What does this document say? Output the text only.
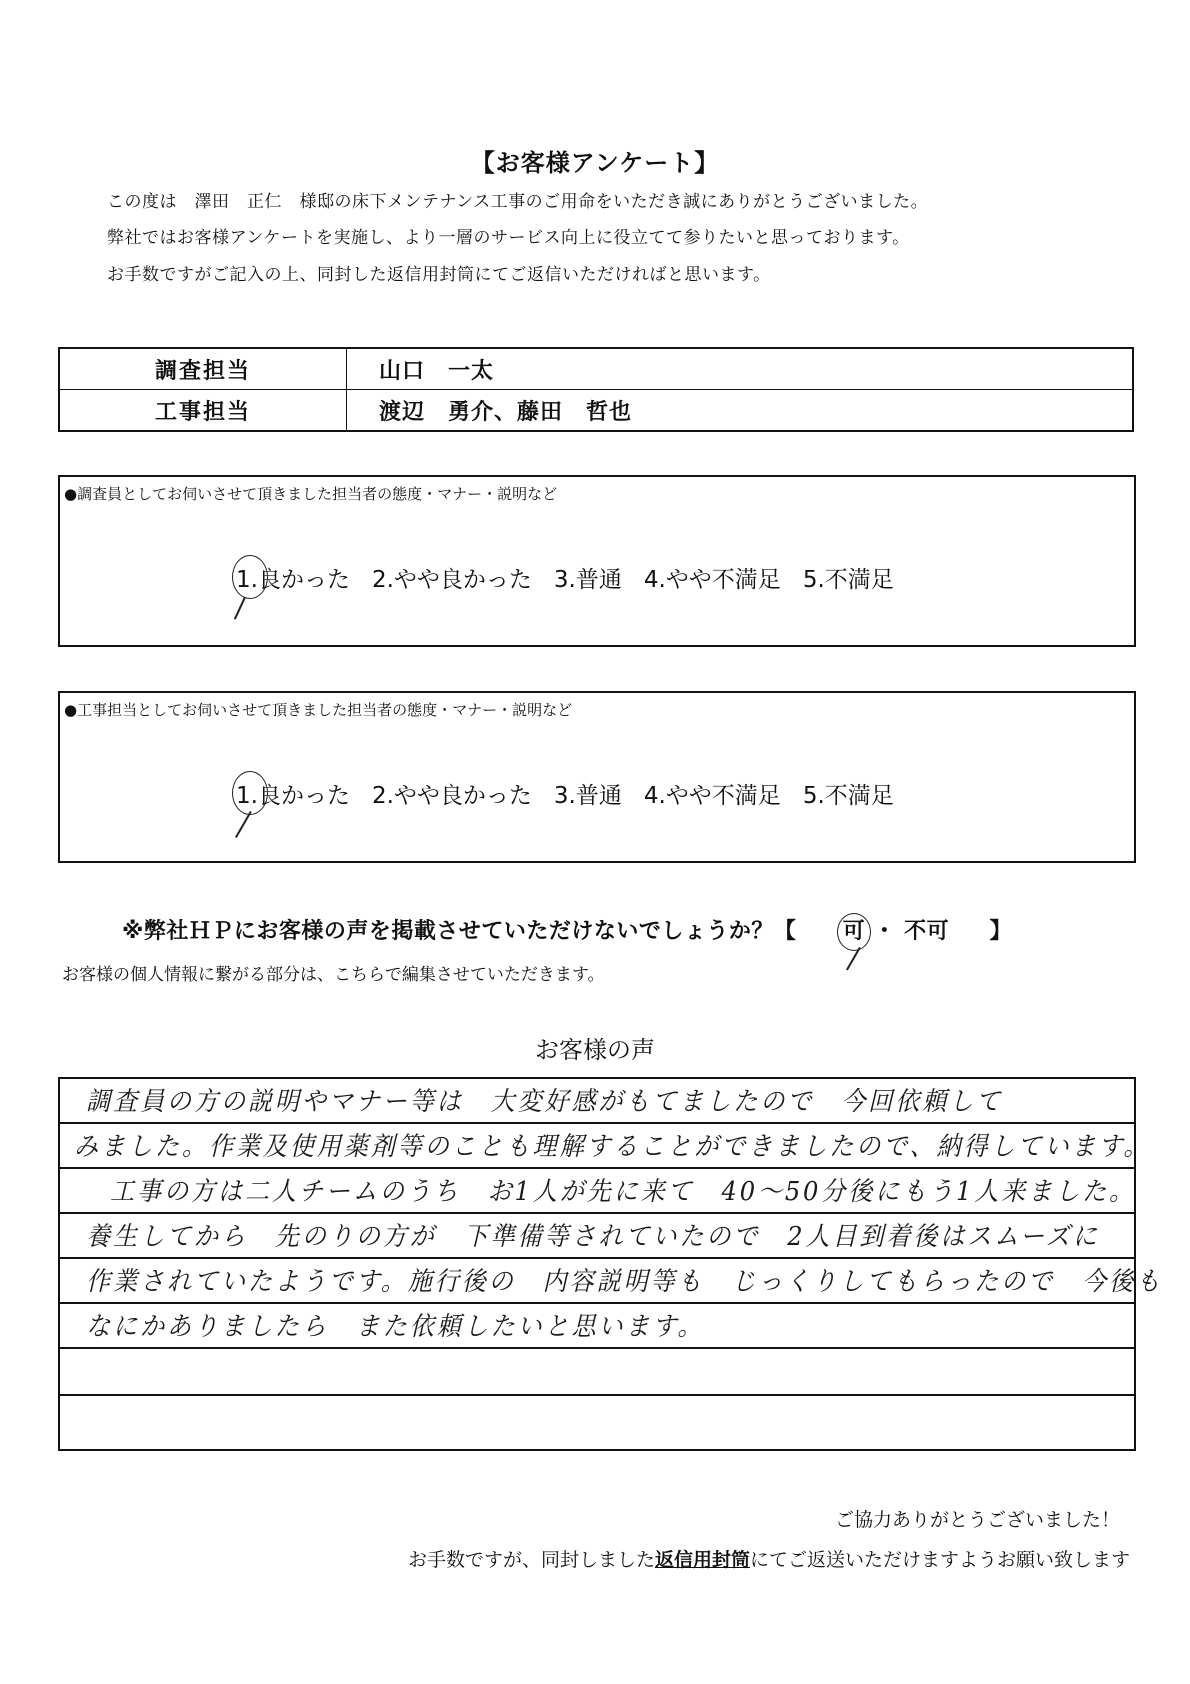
【お客様アンケート】
この度は　澤田　正仁　様邸の床下メンテナンス工事のご用命をいただき誠にありがとうございました。
弊社ではお客様アンケートを実施し、より一層のサービス向上に役立てて参りたいと思っております。
お手数ですがご記入の上、同封した返信用封筒にてご返信いただければと思います。
調査担当	山口　一太
工事担当	渡辺　勇介、藤田　哲也
●調査員としてお伺いさせて頂きました担当者の態度・マナー・説明など
1.良かった 2.やや良かった 3.普通 4.やや不満足 5.不満足
●工事担当としてお伺いさせて頂きました担当者の態度・マナー・説明など
1.良かった 2.やや良かった 3.普通 4.やや不満足 5.不満足
※弊社ＨＰにお客様の声を掲載させていただけないでしょうか？【 可 ・ 不可 】
お客様の個人情報に繋がる部分は、こちらで編集させていただきます。
お客様の声
調査員の方の説明やマナー等は　大変好感がもてましたので　今回依頼して
みました。作業及使用薬剤等のことも理解することができましたので、納得しています。
工事の方は二人チームのうち　お1人が先に来て　40〜50分後にもう1人来ました。
養生してから　先のりの方が　下準備等されていたので　2人目到着後はスムーズに
作業されていたようです。施行後の　内容説明等も　じっくりしてもらったので　今後も
なにかありましたら　また依頼したいと思います。
ご協力ありがとうございました！
お手数ですが、同封しました返信用封筒にてご返送いただけますようお願い致します
